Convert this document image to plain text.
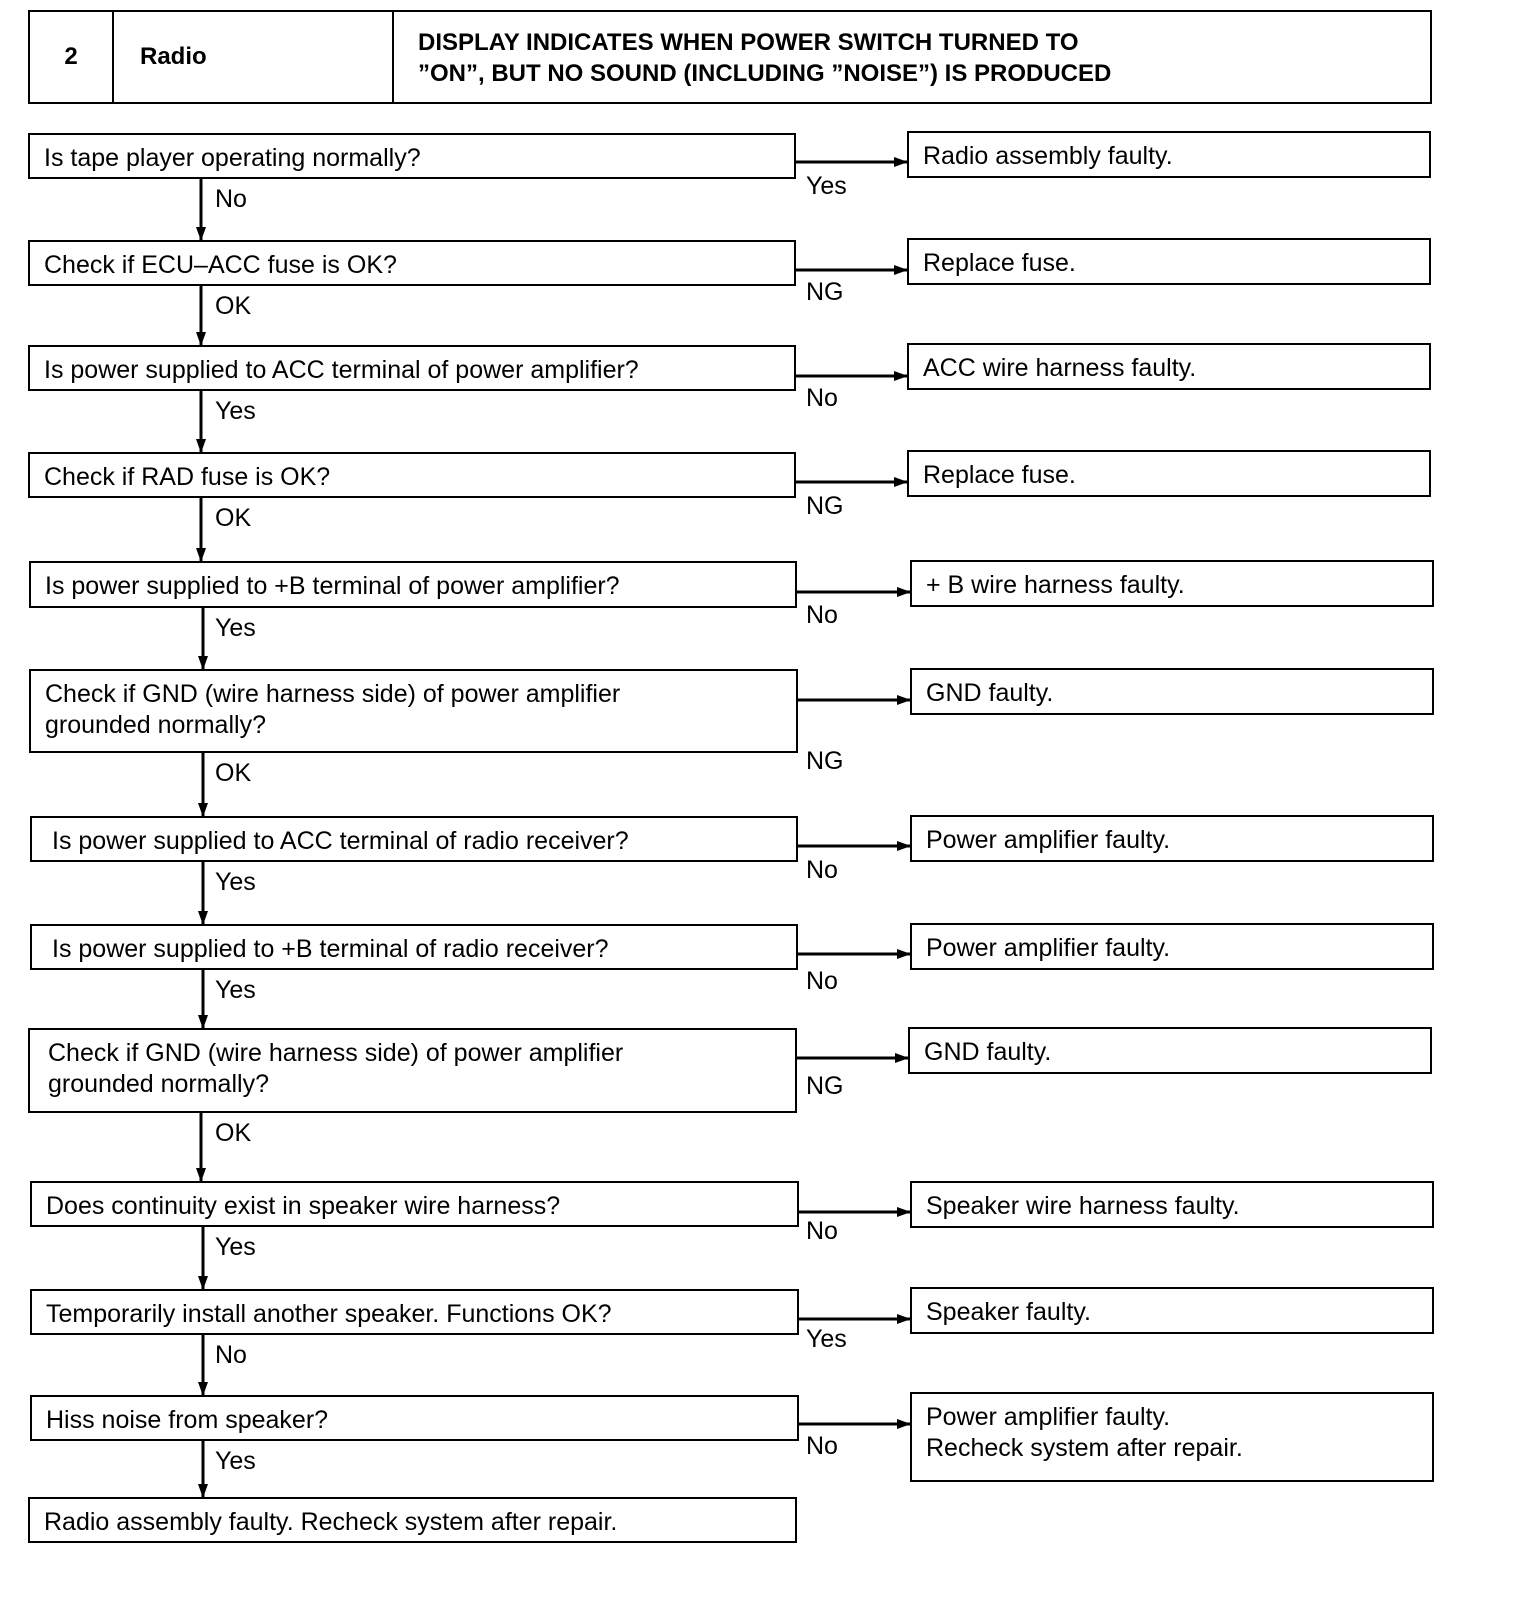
2	Radio
DISPLAY INDICATES WHEN POWER SWITCH TURNED TO
”ON”, BUT NO SOUND (INCLUDING ”NOISE”) IS PRODUCED
Is tape player operating normally?	Radio assembly faulty.
Yes
No
Check if ECU–ACC fuse is OK?	Replace fuse.
NG
OK
Is power supplied to ACC terminal of power amplifier?	ACC wire harness faulty.
No
Yes
Check if RAD fuse is OK?	Replace fuse.
NG
OK
Is power supplied to +B terminal of power amplifier?	+ B wire harness faulty.
No
Yes
Check if GND (wire harness side) of power amplifier
grounded normally?
GND faulty.
NG
OK
Is power supplied to ACC terminal of radio receiver?	Power amplifier faulty.
No
Yes
Is power supplied to +B terminal of radio receiver?	Power amplifier faulty.
No
Yes
Check if GND (wire harness side) of power amplifier
grounded normally?
GND faulty.
NG
OK
Does continuity exist in speaker wire harness?	Speaker wire harness faulty.
No
Yes
Temporarily install another speaker. Functions OK?	Speaker faulty.
Yes
No
Hiss noise from speaker?	Power amplifier faulty.
Recheck system after repair.
No
Yes
Radio assembly faulty. Recheck system after repair.
